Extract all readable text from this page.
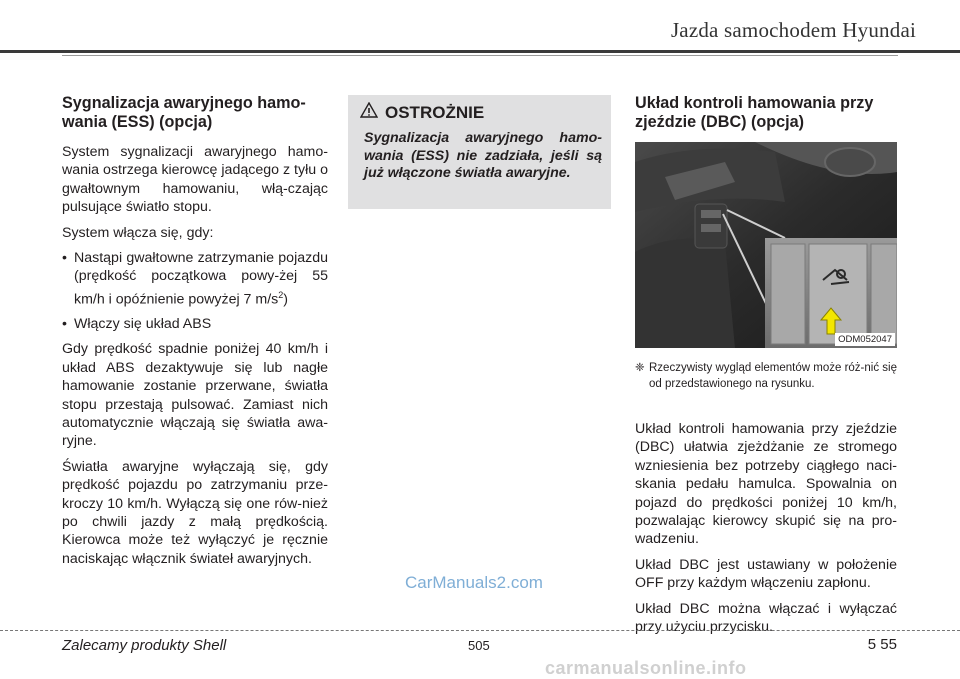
Jazda samochodem Hyundai
Sygnalizacja awaryjnego hamo-
wania (ESS) (opcja)

System sygnalizacji awaryjnego hamo-wania ostrzega kierowcę jadącego z tyłu o gwałtownym hamowaniu, włą-czając pulsujące światło stopu.

System włącza się, gdy:

• Nastąpi gwałtowne zatrzymanie pojazdu (prędkość początkowa powy-żej 55 km/h i opóźnienie powyżej 7 $m/s^2$)
• Włączy się układ ABS

Gdy prędkość spadnie poniżej 40 km/h i układ ABS dezaktywuje się lub nagłe hamowanie zostanie przerwane, światła stopu przestają pulsować. Zamiast nich automatycznie włączają się światła awa-ryjne.

Światła awaryjne wyłączają się, gdy prędkość pojazdu po zatrzymaniu prze-kroczy 10 km/h. Wyłączą się one rów-nież po chwili jazdy z małą prędkością. Kierowca może też wyłączyć je ręcznie naciskając włącznik świateł awaryjnych.

OSTROŻNIE
Sygnalizacja awaryjnego hamo-wania (ESS) nie zadziała, jeśli są już włączone światła awaryjne.
Układ kontroli hamowania przy
zjeździe (DBC) (opcja)
ODM052047
❈ Rzeczywisty wygląd elementów może róż-nić się od przedstawionego na rysunku.

Układ kontroli hamowania przy zjeździe (DBC) ułatwia zjeżdżanie ze stromego wzniesienia bez potrzeby ciągłego naci-skania pedału hamulca. Spowalnia on pojazd do prędkości poniżej 10 km/h, pozwalając kierowcy skupić się na pro-wadzeniu.

Układ DBC jest ustawiany w położenie OFF przy każdym włączeniu zapłonu.

Układ DBC można włączać i wyłączać przy użyciu przycisku.

CarManuals2.com
Zalecamy produkty Shell	505	5 55
carmanualsonline.info
